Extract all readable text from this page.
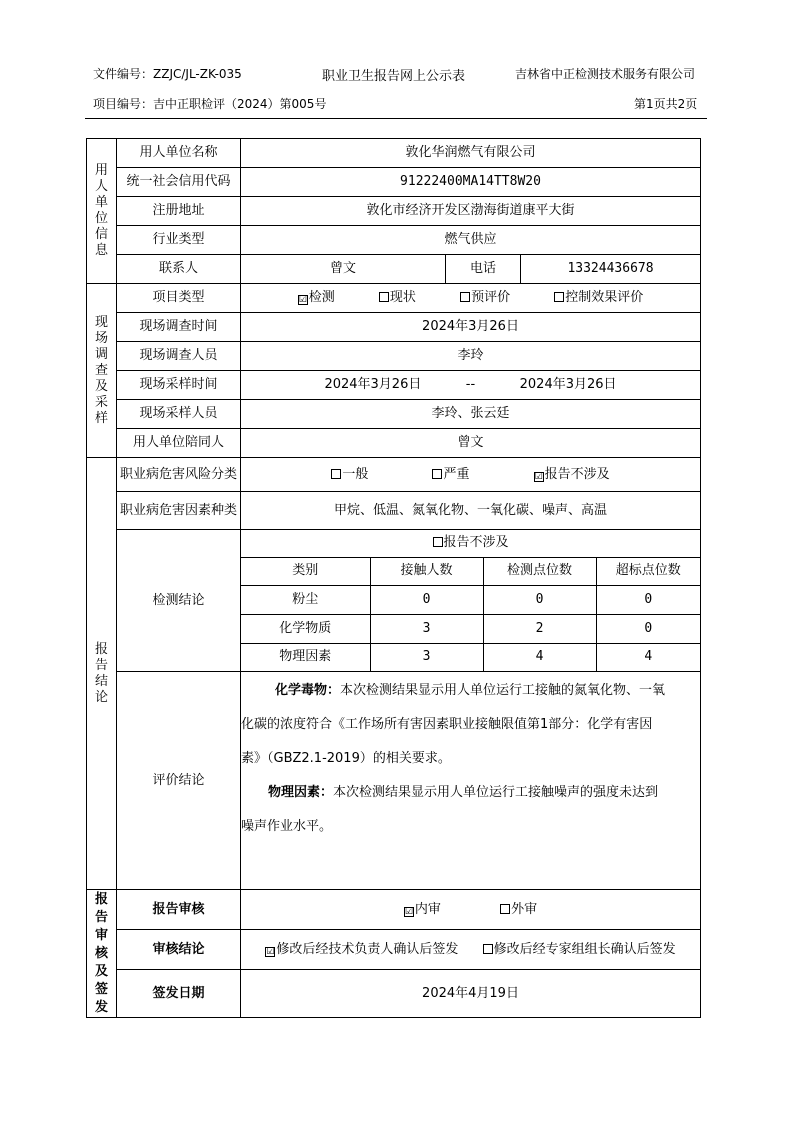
文件编号：ZZJC/JL-ZK-035	职业卫生报告网上公示表	吉林省中正检测技术服务有限公司
项目编号：吉中正职检评（2024）第005号	第1页共2页
用
人
单
位
信
息
	用人单位名称	敦化华润燃气有限公司
统一社会信用代码	91222400MA14TT8W20
注册地址	敦化市经济开发区渤海街道康平大街
行业类型	燃气供应
联系人	曾文	电话	13324436678

现
场
调
查
及
采
样
	项目类型	☑ 检测	现状	预评价	控制效果评价
现场调查时间	2024年3月26日
现场调查人员	李玲
现场采样时间	2024年3月26日	--	2024年3月26日
现场采样人员	李玲、张云廷
用人单位陪同人	曾文

报
告
结
论
	职业病危害风险分类	一般	严重	☑ 报告不涉及
职业病危害因素种类	甲烷、低温、氮氧化物、一氧化碳、噪声、高温
检测结论	
报告不涉及
类别	接触人数	检测点位数	超标点位数
粉尘	0	0	0
化学物质	3	2	0
物理因素	3	4	4

评价结论	

化学毒物：本次检测结果显示用人单位运行工接触的氮氧化物、一氧

化碳的浓度符合《工作场所有害因素职业接触限值第1部分：化学有害因

素》（GBZ2.1-2019）的相关要求。

物理因素：本次检测结果显示用人单位运行工接触噪声的强度未达到

噪声作业水平。

报
告
审
核
及
签
发
	报告审核	☑ 内审	外审
审核结论	☑ 修改后经技术负责人确认后签发	修改后经专家组组长确认后签发
签发日期	2024年4月19日
